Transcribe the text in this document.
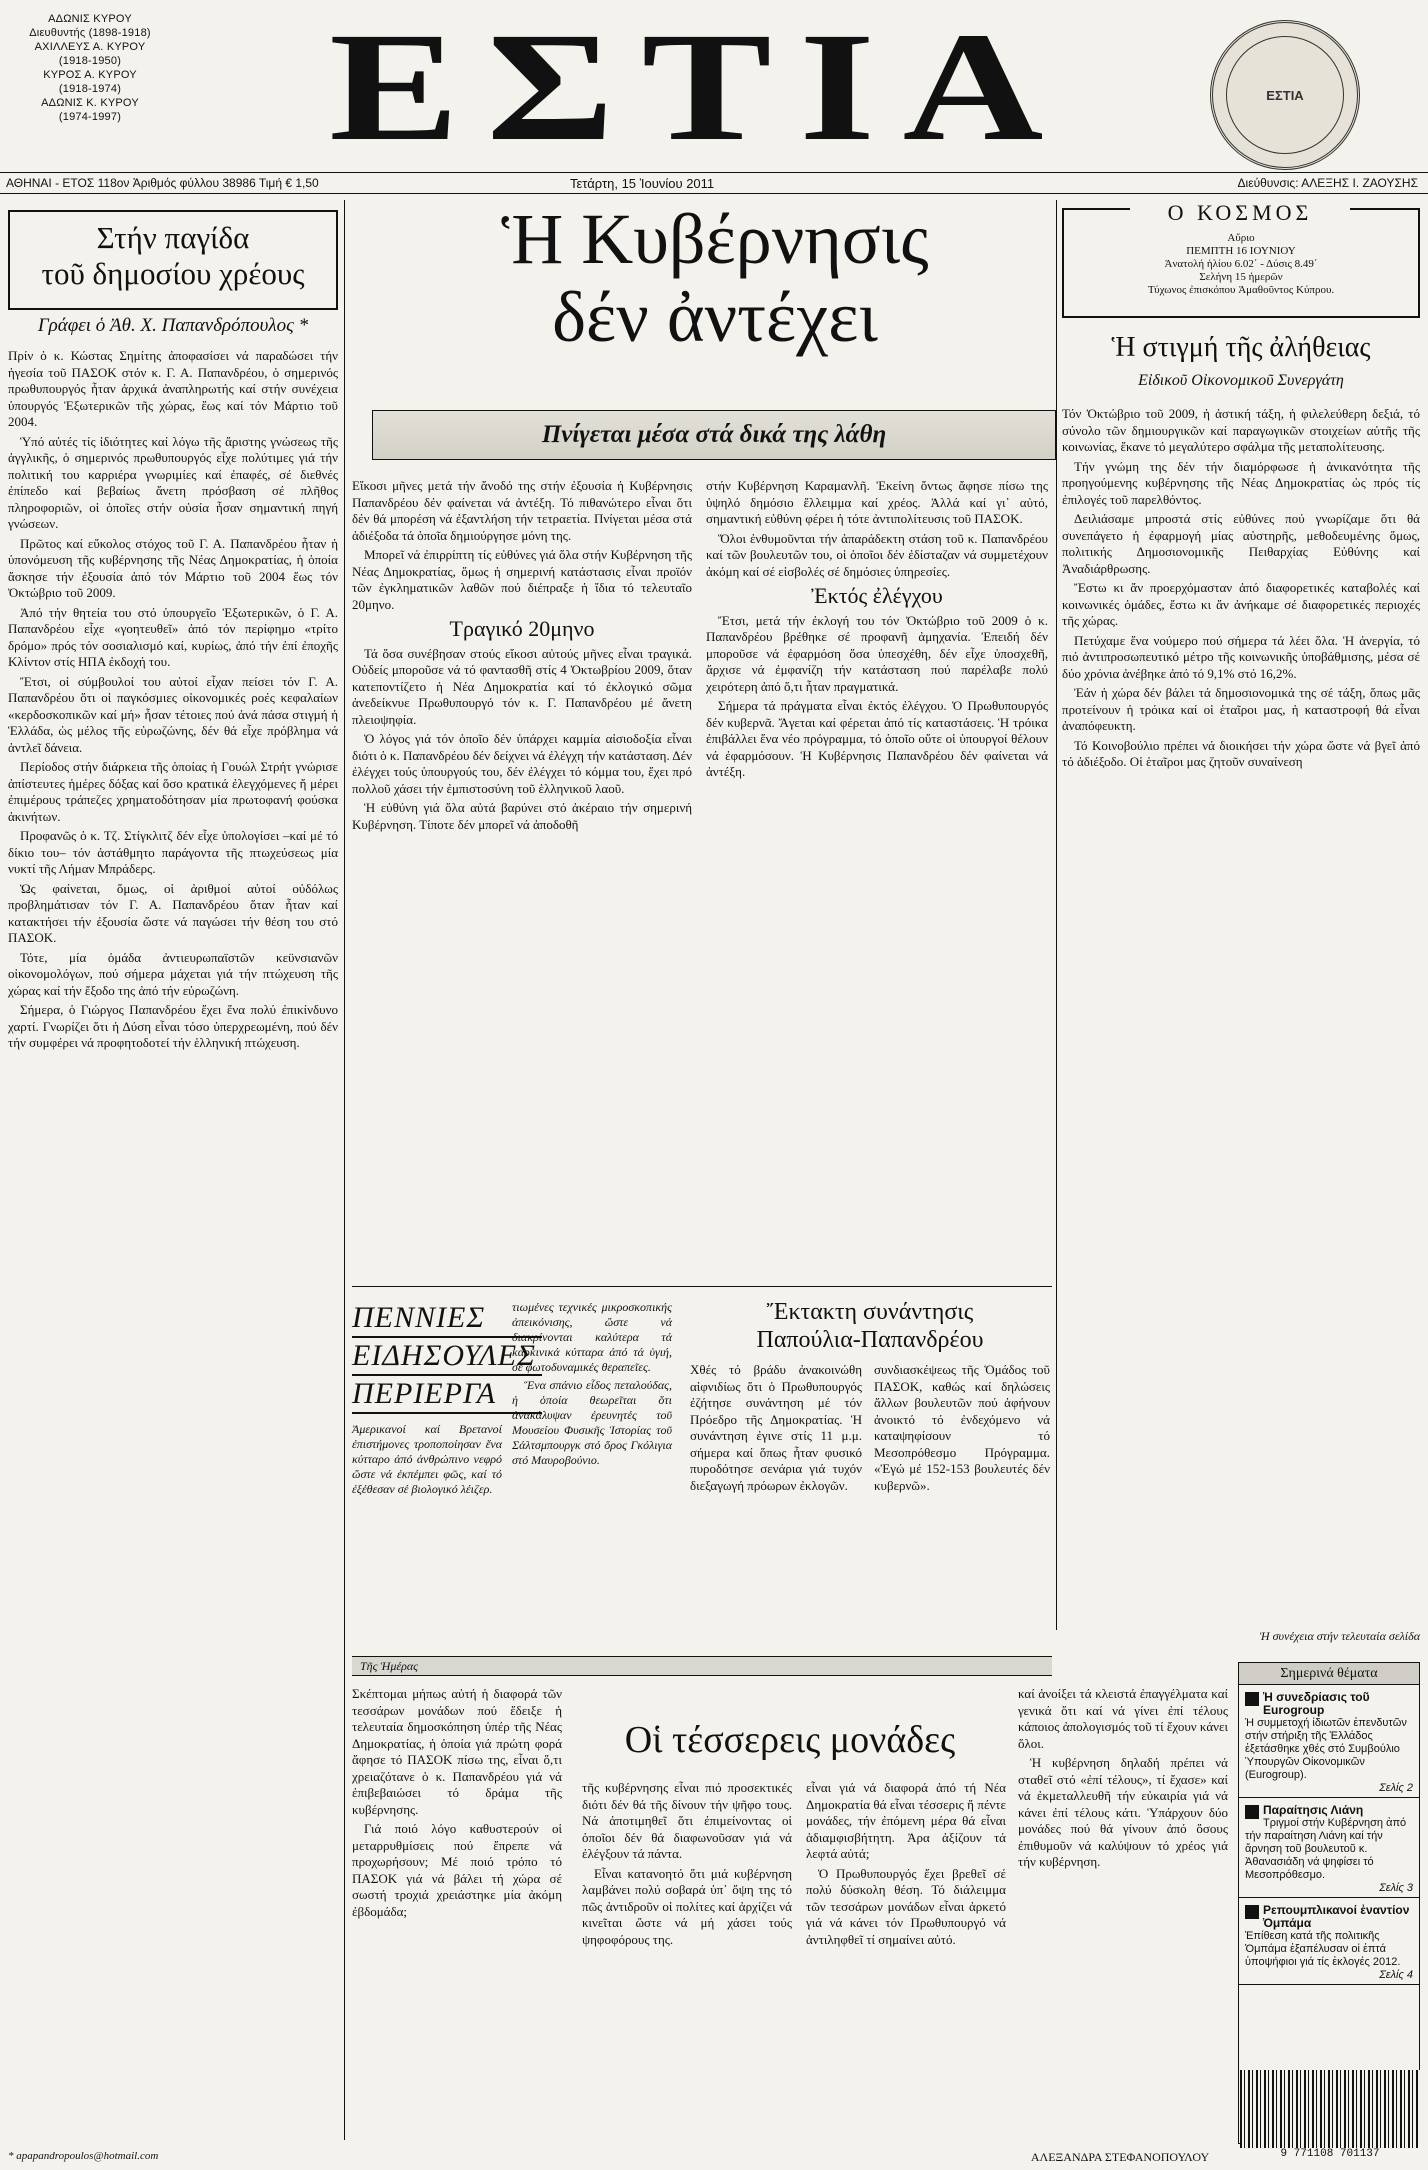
ΑΔΩΝΙΣ ΚΥΡΟΥ
Διευθυντής (1898-1918)
ΑΧΙΛΛΕΥΣ Α. ΚΥΡΟΥ
(1918-1950)
ΚΥΡΟΣ Α. ΚΥΡΟΥ
(1918-1974)
ΑΔΩΝΙΣ Κ. ΚΥΡΟΥ
(1974-1997)	ΕΣΤΙΑ	ΕΣΤΙΑ
ΑΘΗΝΑΙ - ΕΤΟΣ 118ον Ἀριθμός φύλλου 38986 Τιμή € 1,50	Τετάρτη, 15 Ἰουνίου 2011	Διεύθυνσις: ΑΛΕΞΗΣ Ι. ΖΑΟΥΣΗΣ
Στήν παγίδα
τοῦ δημοσίου χρέους
Γράφει ὁ Ἀθ. Χ. Παπανδρόπουλος *

Πρίν ὁ κ. Κώστας Σημίτης ἀποφασίσει νά παραδώσει τήν ἡγεσία τοῦ ΠΑΣΟΚ στόν κ. Γ. Α. Παπανδρέου, ὁ σημερινός πρωθυπουργός ἦταν ἀρχικά ἀναπληρωτής καί στήν συνέχεια ὑπουργός Ἐξωτερικῶν τῆς χώρας, ἕως καί τόν Μάρτιο τοῦ 2004.

Ὑπό αὐτές τίς ἰδιότητες καί λόγω τῆς ἄριστης γνώσεως τῆς ἀγγλικῆς, ὁ σημερινός πρωθυπουργός εἶχε πολύτιμες γιά τήν πολιτική του καρριέρα γνωριμίες καί ἐπαφές, σέ διεθνές ἐπίπεδο καί βεβαίως ἄνετη πρόσβαση σέ πλῆθος πληροφοριῶν, οἱ ὁποῖες στήν οὐσία ἦσαν σημαντική πηγή γνώσεων.

Πρῶτος καί εὔκολος στόχος τοῦ Γ. Α. Παπανδρέου ἦταν ἡ ὑπονόμευση τῆς κυβέρνησης τῆς Νέας Δημοκρατίας, ἡ ὁποία ἄσκησε τήν ἐξουσία ἀπό τόν Μάρτιο τοῦ 2004 ἕως τόν Ὀκτώβριο τοῦ 2009.

Ἀπό τήν θητεία του στό ὑπουργεῖο Ἐξωτερικῶν, ὁ Γ. Α. Παπανδρέου εἶχε «γοητευθεῖ» ἀπό τόν περίφημο «τρίτο δρόμο» πρός τόν σοσιαλισμό καί, κυρίως, ἀπό τήν ἐπί ἐποχῆς Κλίντον στίς ΗΠΑ ἐκδοχή του.

Ἔτσι, οἱ σύμβουλοί του αὐτοί εἶχαν πείσει τόν Γ. Α. Παπανδρέου ὅτι οἱ παγκόσμιες οἰκονομικές ροές κεφαλαίων «κερδοσκοπικῶν καί μή» ἦσαν τέτοιες πού ἀνά πάσα στιγμή ἡ Ἑλλάδα, ὡς μέλος τῆς εὐρωζώνης, δέν θά εἶχε πρόβλημα νά ἀντλεῖ δάνεια.

Περίοδος στήν διάρκεια τῆς ὁποίας ἡ Γουώλ Στρήτ γνώρισε ἀπίστευτες ἡμέρες δόξας καί ὅσο κρατικά ἐλεγχόμενες ἤ μέρει ἐπιμέρους τράπεζες χρηματοδότησαν μία πρωτοφανή φούσκα ἀκινήτων.

Προφανῶς ὁ κ. Τζ. Στίγκλιτζ δέν εἶχε ὑπολογίσει –καί μέ τό δίκιο του– τόν ἀστάθμητο παράγοντα τῆς πτωχεύσεως μία νυκτί τῆς Λήμαν Μπράδερς.

Ὡς φαίνεται, ὅμως, οἱ ἀριθμοί αὐτοί οὐδόλως προβλημάτισαν τόν Γ. Α. Παπανδρέου ὅταν ἦταν καί κατακτήσει τήν ἐξουσία ὥστε νά παγώσει τήν θέση του στό ΠΑΣΟΚ.

Τότε, μία ὁμάδα ἀντιευρωπαϊστῶν κεϋνσιανῶν οἰκονομολόγων, πού σήμερα μάχεται γιά τήν πτώχευση τῆς χώρας καί τήν ἔξοδο της ἀπό τήν εὐρωζώνη.

Σήμερα, ὁ Γιώργος Παπανδρέου ἔχει ἕνα πολύ ἐπικίνδυνο χαρτί. Γνωρίζει ὅτι ἡ Δύση εἶναι τόσο ὑπερχρεωμένη, πού δέν τήν συμφέρει νά προφητοδοτεί τήν ἑλληνική πτώχευση.

* apapandropoulos@hotmail.com
Ἡ Κυβέρνησις
δέν ἀντέχει
Πνίγεται μέσα στά δικά της λάθη

Εἴκοσι μῆνες μετά τήν ἄνοδό της στήν ἐξουσία ἡ Κυβέρνησις Παπανδρέου δέν φαίνεται νά ἀντέξη. Τό πιθανώτερο εἶναι ὅτι δέν θά μπορέση νά ἐξαντλήση τήν τετραετία. Πνίγεται μέσα στά ἀδιέξοδα τά ὁποῖα δημιούργησε μόνη της.

Μπορεῖ νά ἐπιρρίπτη τίς εὐθύνες γιά ὅλα στήν Κυβέρνηση τῆς Νέας Δημοκρατίας, ὅμως ἡ σημερινή κατάστασις εἶναι προϊόν τῶν ἐγκληματικῶν λαθῶν πού διέπραξε ἡ ἴδια τό τελευταῖο 20μηνο.

Τραγικό 20μηνο

Τά ὅσα συνέβησαν στούς εἴκοσι αὐτούς μῆνες εἶναι τραγικά. Οὐδείς μποροῦσε νά τό φαντασθῆ στίς 4 Ὀκτωβρίου 2009, ὅταν κατεποντίζετο ἡ Νέα Δημοκρατία καί τό ἐκλογικό σῶμα ἀνεδείκνυε Πρωθυπουργό τόν κ. Γ. Παπανδρέου μέ ἄνετη πλειοψηφία.

Ὁ λόγος γιά τόν ὁποῖο δέν ὑπάρχει καμμία αἰσιοδοξία εἶναι διότι ὁ κ. Παπανδρέου δέν δείχνει νά ἐλέγχη τήν κατάσταση. Δέν ἐλέγχει τούς ὑπουργούς του, δέν ἐλέγχει τό κόμμα του, ἔχει πρό πολλοῦ χάσει τήν ἐμπιστοσύνη τοῦ ἑλληνικοῦ λαοῦ.

Ἡ εὐθύνη γιά ὅλα αὐτά βαρύνει στό ἀκέραιο τήν σημερινή Κυβέρνηση. Τίποτε δέν μπορεῖ νά ἀποδοθῆ

στήν Κυβέρνηση Καραμανλῆ. Ἐκείνη ὄντως ἄφησε πίσω της ὑψηλό δημόσιο ἔλλειμμα καί χρέος. Ἀλλά καί γι᾽ αὐτό, σημαντική εὐθύνη φέρει ἡ τότε ἀντιπολίτευσις τοῦ ΠΑΣΟΚ.

Ὅλοι ἐνθυμοῦνται τήν ἀπαράδεκτη στάση τοῦ κ. Παπανδρέου καί τῶν βουλευτῶν του, οἱ ὁποῖοι δέν ἐδίσταζαν νά συμμετέχουν ἀκόμη καί σέ εἰσβολές σέ δημόσιες ὑπηρεσίες.

Ἐκτός ἐλέγχου

Ἔτσι, μετά τήν ἐκλογή του τόν Ὀκτώβριο τοῦ 2009 ὁ κ. Παπανδρέου βρέθηκε σέ προφανῆ ἀμηχανία. Ἐπειδή δέν μποροῦσε νά ἐφαρμόση ὅσα ὑπεσχέθη, δέν εἶχε ὑποσχεθῆ, ἄρχισε νά ἐμφανίζη τήν κατάσταση πού παρέλαβε πολύ χειρότερη ἀπό ὅ,τι ἦταν πραγματικά.

Σήμερα τά πράγματα εἶναι ἐκτός ἐλέγχου. Ὁ Πρωθυπουργός δέν κυβερνᾶ. Ἄγεται καί φέρεται ἀπό τίς καταστάσεις. Ἡ τρόικα ἐπιβάλλει ἕνα νέο πρόγραμμα, τό ὁποῖο οὔτε οἱ ὑπουργοί θέλουν νά ἐφαρμόσουν. Ἡ Κυβέρνησις Παπανδρέου δέν φαίνεται νά ἀντέξη.

ΠΕΝΝΙΕΣ
ΕΙΔΗΣΟΥΛΕΣ
ΠΕΡΙΕΡΓΑ

Ἀμερικανοί καί Βρετανοί ἐπιστήμονες τροποποίησαν ἕνα κύτταρο ἀπό ἀνθρώπινο νεφρό ὥστε νά ἐκπέμπει φῶς, καί τό ἐξέθεσαν σέ βιολογικό λέιζερ.

τιωμένες τεχνικές μικροσκοπικής ἀπεικόνισης, ὥστε νά διακρίνονται καλύτερα τά καρκινικά κύτταρα ἀπό τά ὑγιή, σέ φωτοδυναμικές θεραπεῖες.

Ἕνα σπάνιο εἶδος πεταλούδας, ἡ ὁποία θεωρεῖται ὅτι ἀνακάλυψαν ἐρευνητές τοῦ Μουσείου Φυσικῆς Ἱστορίας τοῦ Σάλτσμπουργκ στό ὄρος Γκόλιγια στό Μαυροβούνιο.

Ἔκτακτη συνάντησις
Παπούλια-Παπανδρέου

Χθές τό βράδυ ἀνακοινώθη αἰφνιδίως ὅτι ὁ Πρωθυπουργός ἐζήτησε συνάντηση μέ τόν Πρόεδρο τῆς Δημοκρατίας. Ἡ συνάντηση ἐγινε στίς 11 μ.μ. σήμερα καί ὅπως ἦταν φυσικό πυροδότησε σενάρια γιά τυχόν διεξαγωγή πρόωρων ἐκλογῶν.

συνδιασκέψεως τῆς Ὁμάδος τοῦ ΠΑΣΟΚ, καθώς καί δηλώσεις ἄλλων βουλευτῶν πού ἀφήνουν ἀνοικτό τό ἐνδεχόμενο νά καταψηφίσουν τό Μεσοπρόθεσμο Πρόγραμμα. «Ἐγώ μέ 152-153 βουλευτές δέν κυβερνῶ».

Αὔριο
ΠΕΜΠΤΗ 16 ΙΟΥΝΙΟΥ
Ἀνατολή ἡλίου 6.02΄ - Δύσις 8.49΄
Σελήνη 15 ἡμερῶν
Τύχωνος ἐπισκόπου Ἀμαθοῦντος Κύπρου.
Ο ΚΟΣΜΟΣ
Ἡ στιγμή τῆς ἀλήθειας
Εἰδικοῦ Οἰκονομικοῦ Συνεργάτη

Τόν Ὀκτώβριο τοῦ 2009, ἡ ἀστική τάξη, ἡ φιλελεύθερη δεξιά, τό σύνολο τῶν δημιουργικῶν καί παραγωγικῶν στοιχείων αὐτῆς τῆς κοινωνίας, ἔκανε τό μεγαλύτερο σφάλμα τῆς μεταπολίτευσης.

Τήν γνώμη της δέν τήν διαμόρφωσε ἡ ἀνικανότητα τῆς προηγούμενης κυβέρνησης τῆς Νέας Δημοκρατίας ὡς πρός τίς ἐπιλογές τοῦ παρελθόντος.

Δειλιάσαμε μπροστά στίς εὐθύνες πού γνωρίζαμε ὅτι θά συνεπάγετο ἡ ἐφαρμογή μίας αὐστηρῆς, μεθοδευμένης ὅμως, πολιτικής Δημοσιονομικῆς Πειθαρχίας Εὐθύνης καί Ἀναδιάρθρωσης.

Ἔστω κι ἄν προερχόμασταν ἀπό διαφορετικές καταβολές καί κοινωνικές ὁμάδες, ἔστω κι ἄν ἀνήκαμε σέ διαφορετικές περιοχές τῆς χώρας.

Πετύχαμε ἕνα νούμερο πού σήμερα τά λέει ὅλα. Ἡ ἀνεργία, τό πιό ἀντιπροσωπευτικό μέτρο τῆς κοινωνικῆς ὑποβάθμισης, μέσα σέ δύο χρόνια ἀνέβηκε ἀπό τό 9,1% στό 16,2%.

Ἐάν ἡ χώρα δέν βάλει τά δημοσιονομικά της σέ τάξη, ὅπως μᾶς προτείνουν ἡ τρόικα καί οἱ ἑταῖροι μας, ἡ καταστροφή θά εἶναι ἀναπόφευκτη.

Τό Κοινοβούλιο πρέπει νά διοικήσει τήν χώρα ὥστε νά βγεῖ ἀπό τό ἀδιέξοδο. Οἱ ἑταῖροι μας ζητοῦν συναίνεση

Ἡ συνέχεια στήν τελευταία σελίδα
Τῆς Ἡμέρας
Οἱ τέσσερεις μονάδες

Σκέπτομαι μήπως αὐτή ἡ διαφορά τῶν τεσσάρων μονάδων πού ἔδειξε ἡ τελευταία δημοσκόπηση ὑπέρ τῆς Νέας Δημοκρατίας, ἡ ὁποία γιά πρώτη φορά ἄφησε τό ΠΑΣΟΚ πίσω της, εἶναι ὅ,τι χρειαζότανε ὁ κ. Παπανδρέου γιά νά ἐπιβεβαιώσει τό δράμα τῆς κυβέρνησης.

Γιά ποιό λόγο καθυστερούν οἱ μεταρρυθμίσεις πού ἔπρεπε νά προχωρήσουν; Μέ ποιό τρόπο τό ΠΑΣΟΚ γιά νά βάλει τή χώρα σέ σωστή τροχιά χρειάστηκε μία ἀκόμη ἐβδομάδα;

τῆς κυβέρνησης εἶναι πιό προσεκτικές διότι δέν θά τῆς δίνουν τήν ψῆφο τους. Νά ἀποτιμηθεῖ ὅτι ἐπιμείνοντας οἱ ὁποῖοι δέν θά διαφωνοῦσαν γιά νά ἐλέγξουν τά πάντα.

Εἶναι κατανοητό ὅτι μιά κυβέρνηση λαμβάνει πολύ σοβαρά ὑπ᾽ ὄψη της τό πῶς ἀντιδροῦν οἱ πολίτες καί ἀρχίζει νά κινεῖται ὥστε νά μή χάσει τούς ψηφοφόρους της.

εἶναι γιά νά διαφορά ἀπό τή Νέα Δημοκρατία θά εἶναι τέσσερις ἤ πέντε μονάδες, τήν ἐπόμενη μέρα θά εἶναι ἀδιαμφισβήτητη. Ἀρα ἀξίζουν τά λεφτά αὐτά;

Ὁ Πρωθυπουργός ἔχει βρεθεῖ σέ πολύ δύσκολη θέση. Τό διάλειμμα τῶν τεσσάρων μονάδων εἶναι ἀρκετό γιά νά κάνει τόν Πρωθυπουργό νά ἀντιληφθεῖ τί σημαίνει αὐτό.

καί ἀνοίξει τά κλειστά ἐπαγγέλματα καί γενικά ὅτι καί νά γίνει ἐπί τέλους κάποιος ἀπολογισμός τοῦ τί ἔχουν κάνει ὅλοι.

Ἡ κυβέρνηση δηλαδή πρέπει νά σταθεῖ στό «ἐπί τέλους», τί ἔχασε» καί νά ἐκμεταλλευθῆ τήν εὐκαιρία γιά νά κάνει ἐπί τέλους κάτι. Ὑπάρχουν δύο μονάδες πού θά γίνουν ἀπό ὅσους ἐπιθυμοῦν νά καλύψουν τό χρέος γιά τήν κυβέρνηση.

ΑΛΕΞΑΝΔΡΑ ΣΤΕΦΑΝΟΠΟΥΛΟΥ
Σημερινά θέματα
Ἡ συνεδρίασις τοῦ Eurogroup
Ἡ συμμετοχή ἰδιωτῶν ἐπενδυτῶν στήν στήριξη τῆς Ἑλλάδος ἐξετάσθηκε χθές στό Συμβούλιο Ὑπουργῶν Οἰκονομικῶν (Eurogroup).
Σελίς 2
Παραίτησις Λιάνη
Τριγμοί στήν Κυβέρνηση ἀπό τήν παραίτηση Λιάνη καί τήν ἄρνηση τοῦ βουλευτοῦ κ. Ἀθανασιάδη νά ψηφίσει τό Μεσοπρόθεσμο.
Σελίς 3
Ρεπουμπλικανοί ἐναντίον Ὀμπάμα
Ἐπίθεση κατά τῆς πολιτικῆς Ὀμπάμα ἐξαπέλυσαν οἱ ἑπτά ὑποψήφιοι γιά τίς ἐκλογές 2012.
Σελίς 4
9 771108 701137
